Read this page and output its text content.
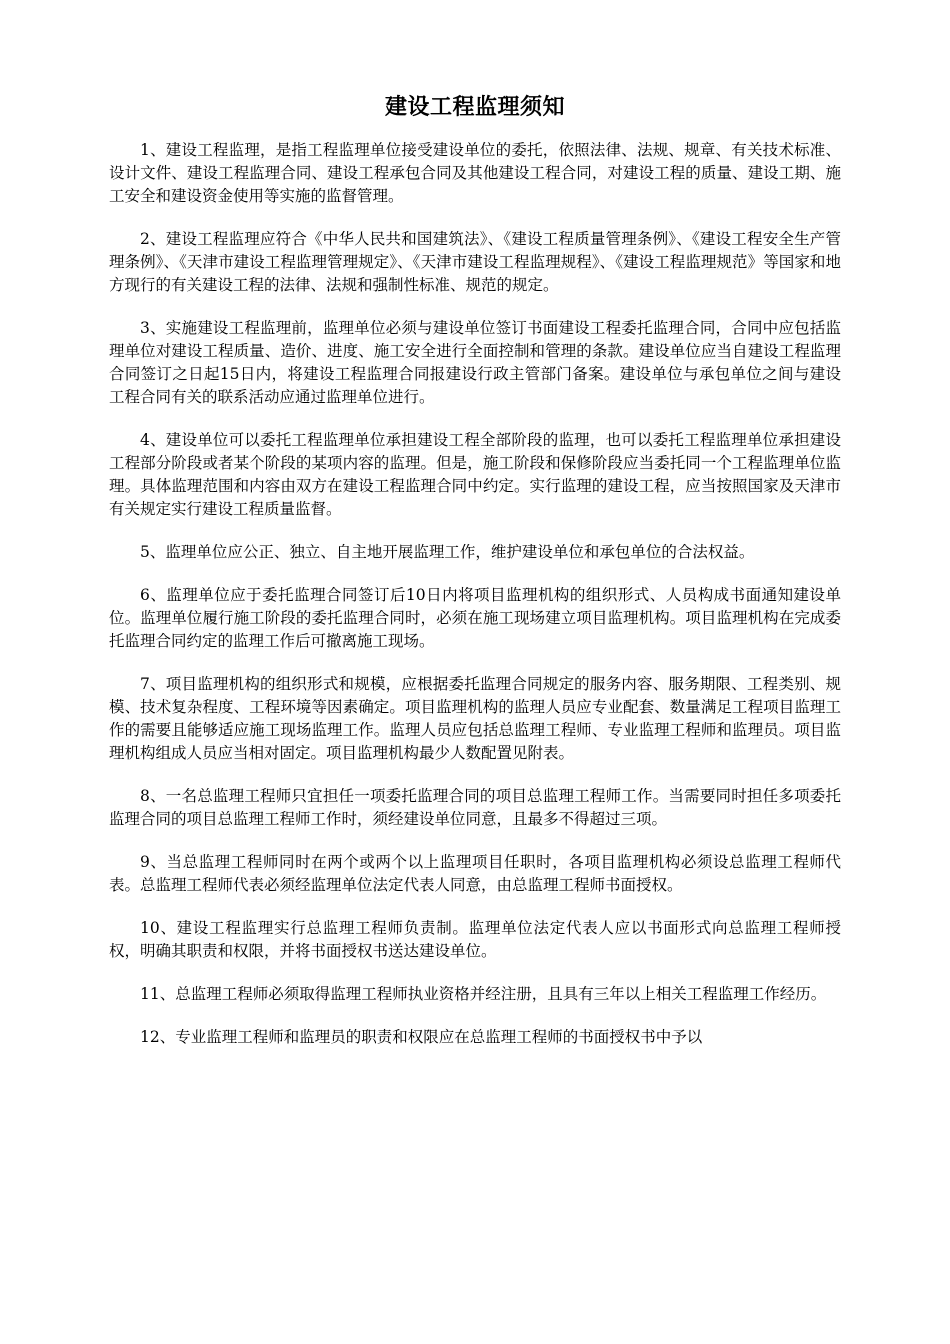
建设工程监理须知

1、建设工程监理，是指工程监理单位接受建设单位的委托，依照法律、法规、规章、有关技术标准、设计文件、建设工程监理合同、建设工程承包合同及其他建设工程合同，对建设工程的质量、建设工期、施工安全和建设资金使用等实施的监督管理。

2、建设工程监理应符合《中华人民共和国建筑法》、《建设工程质量管理条例》、《建设工程安全生产管理条例》、《天津市建设工程监理管理规定》、《天津市建设工程监理规程》、《建设工程监理规范》等国家和地方现行的有关建设工程的法律、法规和强制性标准、规范的规定。

3、实施建设工程监理前，监理单位必须与建设单位签订书面建设工程委托监理合同，合同中应包括监理单位对建设工程质量、造价、进度、施工安全进行全面控制和管理的条款。建设单位应当自建设工程监理合同签订之日起15日内，将建设工程监理合同报建设行政主管部门备案。建设单位与承包单位之间与建设工程合同有关的联系活动应通过监理单位进行。

4、建设单位可以委托工程监理单位承担建设工程全部阶段的监理，也可以委托工程监理单位承担建设工程部分阶段或者某个阶段的某项内容的监理。但是，施工阶段和保修阶段应当委托同一个工程监理单位监理。具体监理范围和内容由双方在建设工程监理合同中约定。实行监理的建设工程，应当按照国家及天津市有关规定实行建设工程质量监督。

5、监理单位应公正、独立、自主地开展监理工作，维护建设单位和承包单位的合法权益。

6、监理单位应于委托监理合同签订后10日内将项目监理机构的组织形式、人员构成书面通知建设单位。监理单位履行施工阶段的委托监理合同时，必须在施工现场建立项目监理机构。项目监理机构在完成委托监理合同约定的监理工作后可撤离施工现场。

7、项目监理机构的组织形式和规模，应根据委托监理合同规定的服务内容、服务期限、工程类别、规模、技术复杂程度、工程环境等因素确定。项目监理机构的监理人员应专业配套、数量满足工程项目监理工作的需要且能够适应施工现场监理工作。监理人员应包括总监理工程师、专业监理工程师和监理员。项目监理机构组成人员应当相对固定。项目监理机构最少人数配置见附表。

8、一名总监理工程师只宜担任一项委托监理合同的项目总监理工程师工作。当需要同时担任多项委托监理合同的项目总监理工程师工作时，须经建设单位同意，且最多不得超过三项。

9、当总监理工程师同时在两个或两个以上监理项目任职时，各项目监理机构必须设总监理工程师代表。总监理工程师代表必须经监理单位法定代表人同意，由总监理工程师书面授权。

10、建设工程监理实行总监理工程师负责制。监理单位法定代表人应以书面形式向总监理工程师授权，明确其职责和权限，并将书面授权书送达建设单位。

11、总监理工程师必须取得监理工程师执业资格并经注册，且具有三年以上相关工程监理工作经历。

12、专业监理工程师和监理员的职责和权限应在总监理工程师的书面授权书中予以
